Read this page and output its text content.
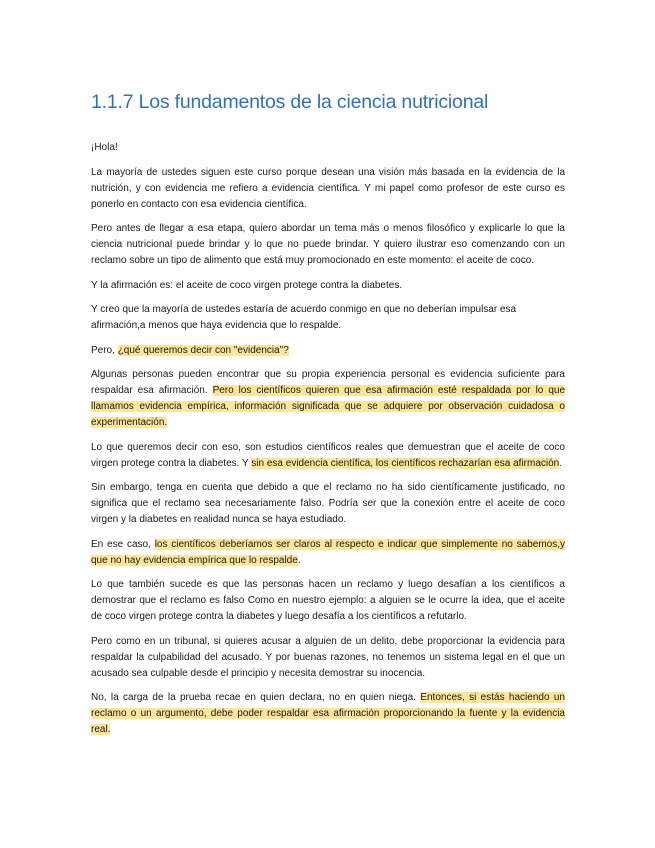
1.1.7 Los fundamentos de la ciencia nutricional

¡Hola!

La mayoría de ustedes siguen este curso porque desean una visión más basada en la evidencia de la nutrición, y con evidencia me refiero a evidencia científica. Y mi papel como profesor de este curso es ponerlo en contacto con esa evidencia científica.

Pero antes de llegar a esa etapa, quiero abordar un tema más o menos filosófico y explicarle lo que la ciencia nutricional puede brindar y lo que no puede brindar. Y quiero ilustrar eso comenzando con un reclamo sobre un tipo de alimento que está muy promocionado en este momento: el aceite de coco.

Y la afirmación es: el aceite de coco virgen protege contra la diabetes.

Y creo que la mayoría de ustedes estaría de acuerdo conmigo en que no deberían impulsar esa afirmación,a menos que haya evidencia que lo respalde.

Pero, ¿qué queremos decir con "evidencia"?

Algunas personas pueden encontrar que su propia experiencia personal es evidencia suficiente para respaldar esa afirmación. Pero los científicos quieren que esa afirmación esté respaldada por lo que llamamos evidencia empírica, información significada que se adquiere por observación cuidadosa o experimentación.

Lo que queremos decir con eso, son estudios científicos reales que demuestran que el aceite de coco virgen protege contra la diabetes. Y sin esa evidencia científica, los científicos rechazarían esa afirmación.

Sin embargo, tenga en cuenta que debido a que el reclamo no ha sido científicamente justificado, no significa que el reclamo sea necesariamente falso. Podría ser que la conexión entre el aceite de coco virgen y la diabetes en realidad nunca se haya estudiado.

En ese caso, los científicos deberíamos ser claros al respecto e indicar que simplemente no sabemos,y que no hay evidencia empírica que lo respalde.

Lo que también sucede es que las personas hacen un reclamo y luego desafían a los científicos a demostrar que el reclamo es falso Como en nuestro ejemplo: a alguien se le ocurre la idea, que el aceite de coco virgen protege contra la diabetes y luego desafía a los científicos a refutarlo.

Pero como en un tribunal, si quieres acusar a alguien de un delito, debe proporcionar la evidencia para respaldar la culpabilidad del acusado. Y por buenas razones, no tenemos un sistema legal en el que un acusado sea culpable desde el principio y necesita demostrar su inocencia.

No, la carga de la prueba recae en quien declara, no en quien niega. Entonces, si estás haciendo un reclamo o un argumento, debe poder respaldar esa afirmación proporcionando la fuente y la evidencia real.
